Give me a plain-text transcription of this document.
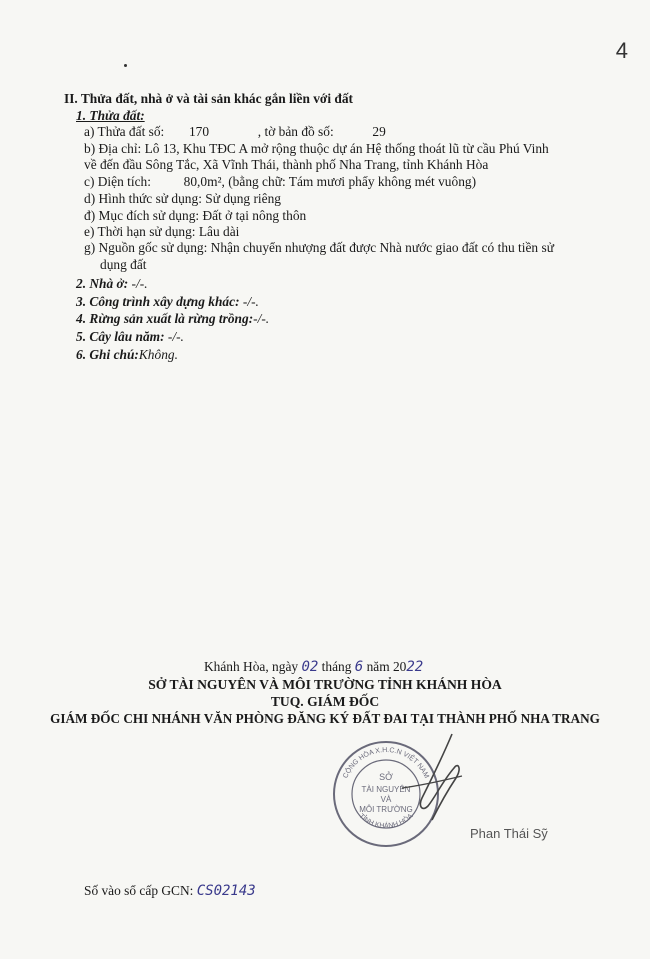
4
II. Thửa đất, nhà ở và tài sản khác gắn liền với đất
1. Thửa đất:
a) Thửa đất số: 170	, tờ bản đồ số:	29
b) Địa chỉ: Lô 13, Khu TĐC A mở rộng thuộc dự án Hệ thống thoát lũ từ cầu Phú Vinh
về đến đầu Sông Tắc, Xã Vĩnh Thái, thành phố Nha Trang, tỉnh Khánh Hòa
c) Diện tích: 80,0m², (bằng chữ: Tám mươi phẩy không mét vuông)
d) Hình thức sử dụng: Sử dụng riêng
đ) Mục đích sử dụng: Đất ở tại nông thôn
e) Thời hạn sử dụng: Lâu dài
g) Nguồn gốc sử dụng: Nhận chuyển nhượng đất được Nhà nước giao đất có thu tiền sử
dụng đất
2. Nhà ở: -/-.
3. Công trình xây dựng khác: -/-.
4. Rừng sản xuất là rừng trồng:-/-.
5. Cây lâu năm: -/-.
6. Ghi chú:Không.
Khánh Hòa, ngày 02 tháng 6 năm 2022
SỞ TÀI NGUYÊN VÀ MÔI TRƯỜNG TỈNH KHÁNH HÒA
TUQ. GIÁM ĐỐC
GIÁM ĐỐC CHI NHÁNH VĂN PHÒNG ĐĂNG KÝ ĐẤT ĐAI TẠI THÀNH PHỐ NHA TRANG
CỘNG HÒA X.H.C.N VIỆT NAM
TỈNH KHÁNH HÒA
SỞ
TÀI NGUYÊN
VÀ
MÔI TRƯỜNG
Phan Thái Sỹ
Số vào sổ cấp GCN: CS02143
